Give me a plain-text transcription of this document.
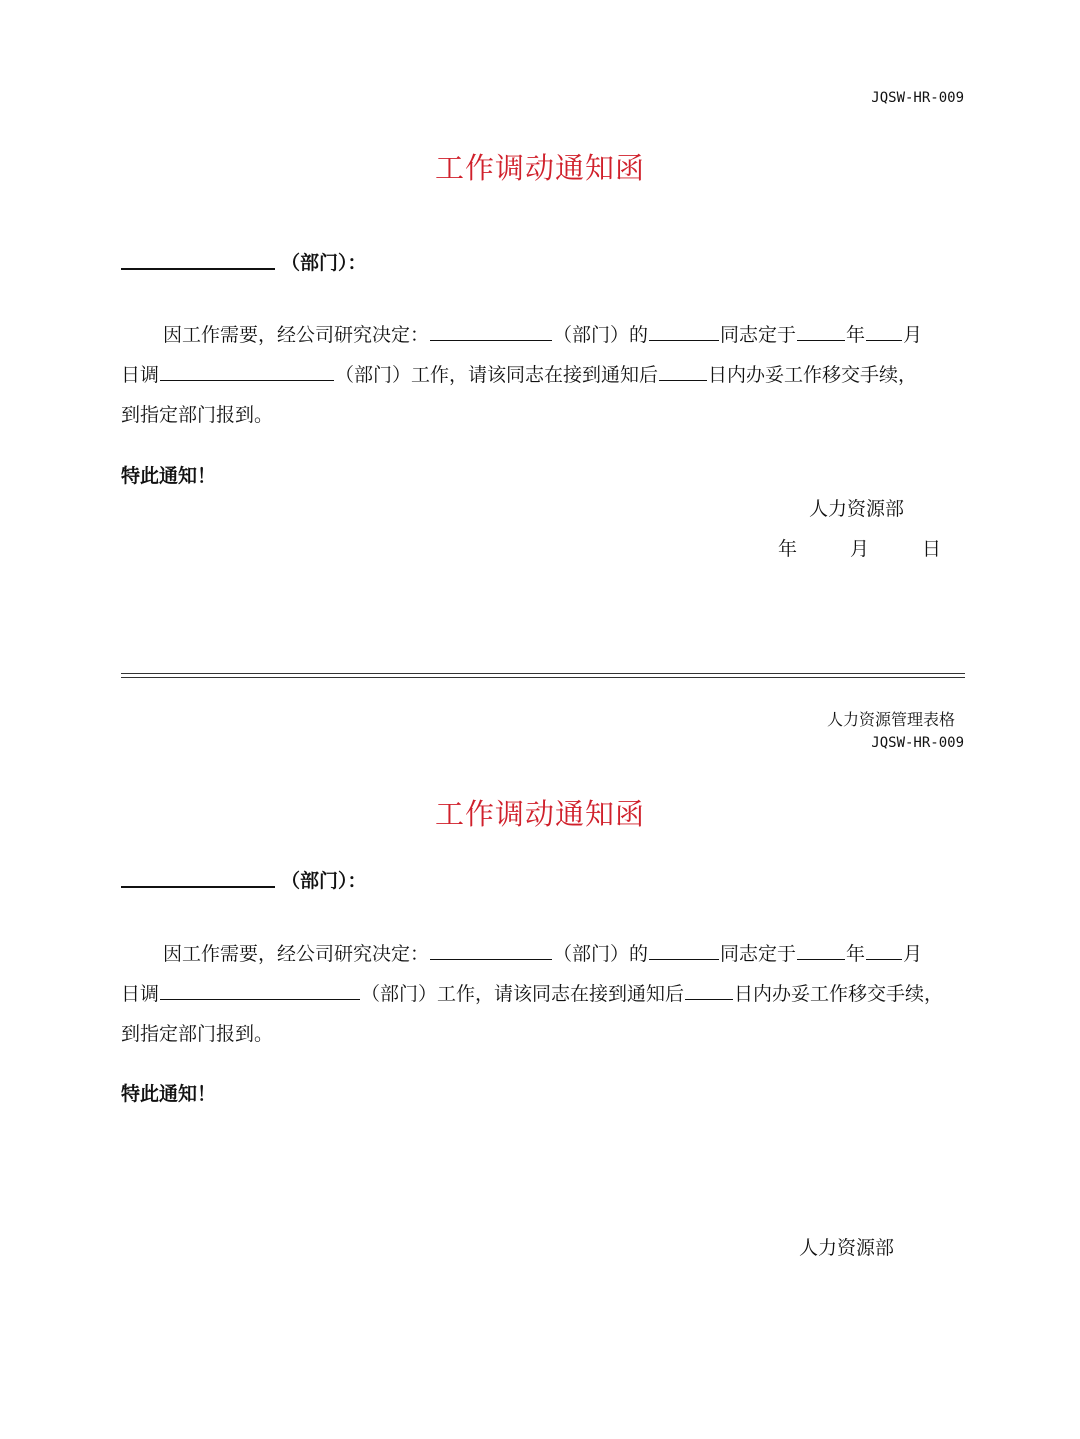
JQSW-HR-009
工作调动通知函
（部门）：
因工作需要，经公司研究决定：	（部门）的	同志定于	年 月
日调	（部门）工作，请该同志在接到通知后	日内办妥工作移交手续，
到指定部门报到。
特此通知！
人力资源部
年	月	日
人力资源管理表格
JQSW-HR-009
工作调动通知函
（部门）：
因工作需要，经公司研究决定：	（部门）的	同志定于	年 月
日调	（部门）工作，请该同志在接到通知后	日内办妥工作移交手续，
到指定部门报到。
特此通知！
人力资源部
